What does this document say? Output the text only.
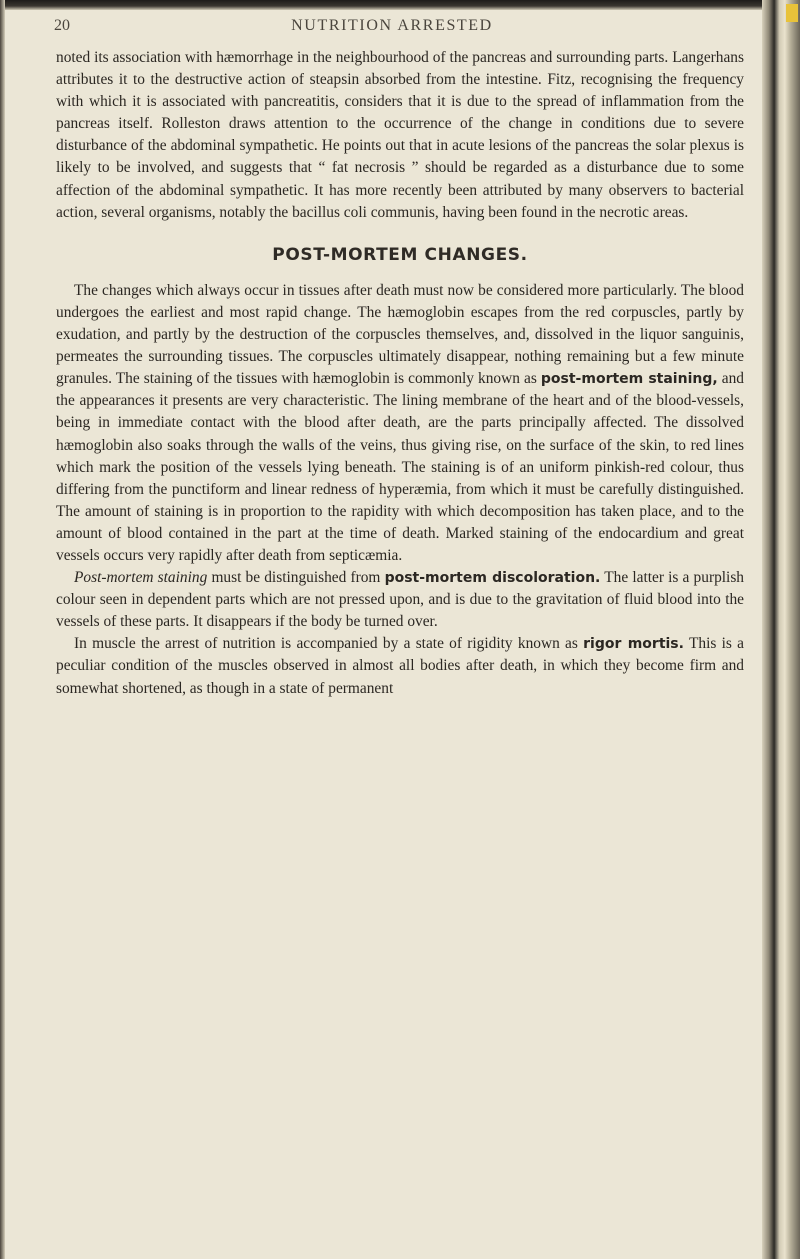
20	NUTRITION ARRESTED

noted its association with hæmorrhage in the neighbourhood of the pancreas and surrounding parts. Langerhans attributes it to the destructive action of steapsin absorbed from the intestine. Fitz, recognising the frequency with which it is associated with pancreatitis, considers that it is due to the spread of inflammation from the pancreas itself. Rolleston draws attention to the occurrence of the change in conditions due to severe disturbance of the abdominal sympathetic. He points out that in acute lesions of the pancreas the solar plexus is likely to be involved, and suggests that “ fat necrosis ” should be regarded as a disturbance due to some affection of the abdominal sympathetic. It has more recently been attributed by many observers to bacterial action, several organisms, notably the bacillus coli communis, having been found in the necrotic areas.

POST-MORTEM CHANGES.

The changes which always occur in tissues after death must now be considered more particularly. The blood undergoes the earliest and most rapid change. The hæmoglobin escapes from the red corpuscles, partly by exudation, and partly by the destruction of the corpuscles themselves, and, dissolved in the liquor sanguinis, permeates the surrounding tissues. The corpuscles ultimately disappear, nothing remaining but a few minute granules. The staining of the tissues with hæmoglobin is commonly known as post-mortem staining, and the appearances it presents are very characteristic. The lining membrane of the heart and of the blood-vessels, being in immediate contact with the blood after death, are the parts principally affected. The dissolved hæmoglobin also soaks through the walls of the veins, thus giving rise, on the surface of the skin, to red lines which mark the position of the vessels lying beneath. The staining is of an uniform pinkish-red colour, thus differing from the punctiform and linear redness of hyperæmia, from which it must be carefully distinguished. The amount of staining is in proportion to the rapidity with which decomposition has taken place, and to the amount of blood contained in the part at the time of death. Marked staining of the endocardium and great vessels occurs very rapidly after death from septicæmia.

Post-mortem staining must be distinguished from post-mortem discoloration. The latter is a purplish colour seen in dependent parts which are not pressed upon, and is due to the gravitation of fluid blood into the vessels of these parts. It disappears if the body be turned over.

In muscle the arrest of nutrition is accompanied by a state of rigidity known as rigor mortis. This is a peculiar condition of the muscles observed in almost all bodies after death, in which they become firm and somewhat shortened, as though in a state of permanent
